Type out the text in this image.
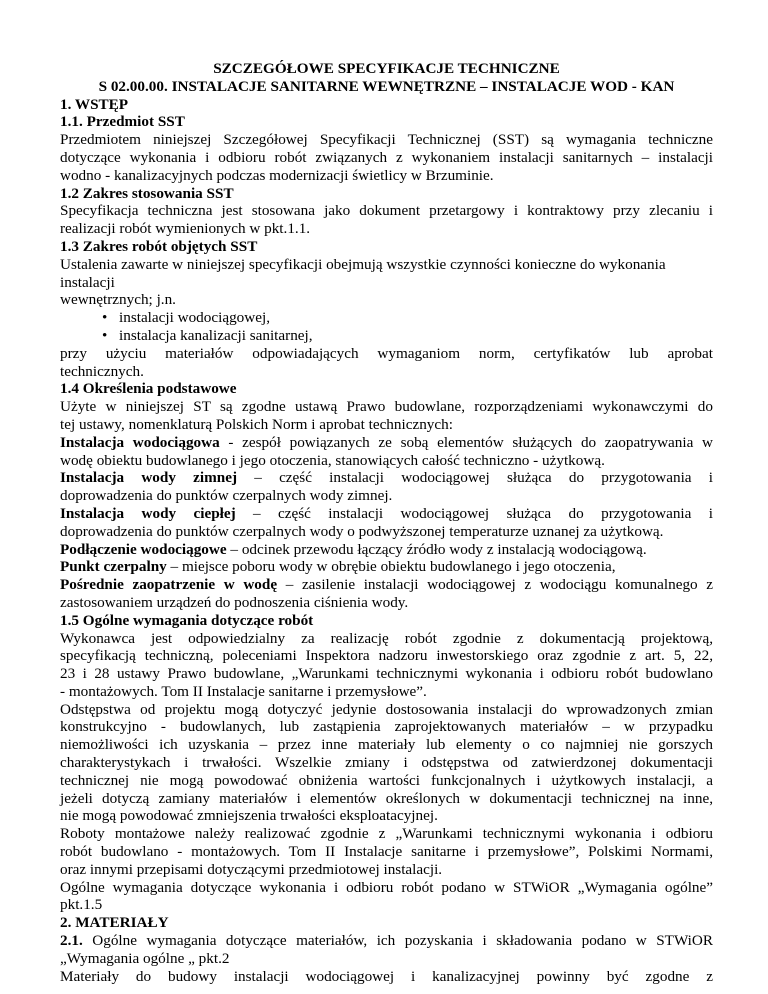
SZCZEGÓŁOWE SPECYFIKACJE TECHNICZNE

S 02.00.00. INSTALACJE SANITARNE WEWNĘTRZNE – INSTALACJE WOD - KAN

1. WSTĘP

1.1. Przedmiot SST

Przedmiotem niniejszej Szczegółowej Specyfikacji Technicznej (SST) są wymagania techniczne

dotyczące wykonania i odbioru robót związanych z wykonaniem instalacji sanitarnych – instalacji

wodno - kanalizacyjnych podczas modernizacji świetlicy w Brzuminie.

1.2 Zakres stosowania SST

Specyfikacja techniczna jest stosowana jako dokument przetargowy i kontraktowy przy zlecaniu i

realizacji robót wymienionych w pkt.1.1.

1.3 Zakres robót objętych SST

Ustalenia zawarte w niniejszej specyfikacji obejmują wszystkie czynności konieczne do wykonania

instalacji

wewnętrznych; j.n.

• instalacji wodociągowej,
• instalacja kanalizacji sanitarnej,

przy użyciu materiałów odpowiadających wymaganiom norm, certyfikatów lub aprobat

technicznych.

1.4 Określenia podstawowe

Użyte w niniejszej ST są zgodne ustawą Prawo budowlane, rozporządzeniami wykonawczymi do

tej ustawy, nomenklaturą Polskich Norm i aprobat technicznych:

Instalacja wodociągowa - zespół powiązanych ze sobą elementów służących do zaopatrywania w

wodę obiektu budowlanego i jego otoczenia, stanowiących całość techniczno - użytkową.

Instalacja wody zimnej – część instalacji wodociągowej służąca do przygotowania i

doprowadzenia do punktów czerpalnych wody zimnej.

Instalacja wody ciepłej – część instalacji wodociągowej służąca do przygotowania i

doprowadzenia do punktów czerpalnych wody o podwyższonej temperaturze uznanej za użytkową.

Podłączenie wodociągowe – odcinek przewodu łączący źródło wody z instalacją wodociągową.

Punkt czerpalny – miejsce poboru wody w obrębie obiektu budowlanego i jego otoczenia,

Pośrednie zaopatrzenie w wodę – zasilenie instalacji wodociągowej z wodociągu komunalnego z

zastosowaniem urządzeń do podnoszenia ciśnienia wody.

1.5 Ogólne wymagania dotyczące robót

Wykonawca jest odpowiedzialny za realizację robót zgodnie z dokumentacją projektową,

specyfikacją techniczną, poleceniami Inspektora nadzoru inwestorskiego oraz zgodnie z art. 5, 22,

23 i 28 ustawy Prawo budowlane, „Warunkami technicznymi wykonania i odbioru robót budowlano

- montażowych. Tom II Instalacje sanitarne i przemysłowe”.

Odstępstwa od projektu mogą dotyczyć jedynie dostosowania instalacji do wprowadzonych zmian

konstrukcyjno - budowlanych, lub zastąpienia zaprojektowanych materiałów – w przypadku

niemożliwości ich uzyskania – przez inne materiały lub elementy o co najmniej nie gorszych

charakterystykach i trwałości. Wszelkie zmiany i odstępstwa od zatwierdzonej dokumentacji

technicznej nie mogą powodować obniżenia wartości funkcjonalnych i użytkowych instalacji, a

jeżeli dotyczą zamiany materiałów i elementów określonych w dokumentacji technicznej na inne,

nie mogą powodować zmniejszenia trwałości eksploatacyjnej.

Roboty montażowe należy realizować zgodnie z „Warunkami technicznymi wykonania i odbioru

robót budowlano - montażowych. Tom II Instalacje sanitarne i przemysłowe”, Polskimi Normami,

oraz innymi przepisami dotyczącymi przedmiotowej instalacji.

Ogólne wymagania dotyczące wykonania i odbioru robót podano w STWiOR „Wymagania ogólne”

pkt.1.5

2. MATERIAŁY

2.1. Ogólne wymagania dotyczące materiałów, ich pozyskania i składowania podano w STWiOR

„Wymagania ogólne „ pkt.2

Materiały do budowy instalacji wodociągowej i kanalizacyjnej powinny być zgodne z
